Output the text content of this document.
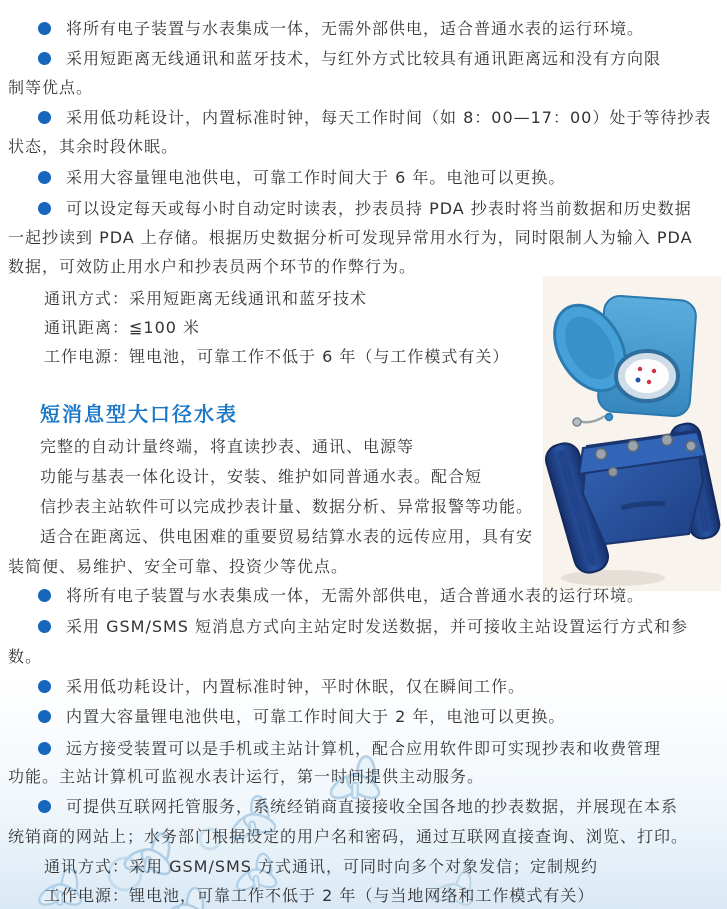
将所有电子装置与水表集成一体，无需外部供电，适合普通水表的运行环境。
采用短距离无线通讯和蓝牙技术，与红外方式比较具有通讯距离远和没有方向限
制等优点。
采用低功耗设计，内置标准时钟，每天工作时间（如 8：00—17：00）处于等待抄表
状态，其余时段休眠。
采用大容量锂电池供电，可靠工作时间大于 6 年。电池可以更换。
可以设定每天或每小时自动定时读表，抄表员持 PDA 抄表时将当前数据和历史数据
一起抄读到 PDA 上存储。根据历史数据分析可发现异常用水行为，同时限制人为输入 PDA
数据，可效防止用水户和抄表员两个环节的作弊行为。
通讯方式：采用短距离无线通讯和蓝牙技术
通讯距离：≦100 米
工作电源：锂电池，可靠工作不低于 6 年（与工作模式有关）
短消息型大口径水表
完整的自动计量终端，将直读抄表、通讯、电源等
功能与基表一体化设计，安装、维护如同普通水表。配合短
信抄表主站软件可以完成抄表计量、数据分析、异常报警等功能。
适合在距离远、供电困难的重要贸易结算水表的远传应用，具有安
装简便、易维护、安全可靠、投资少等优点。
将所有电子装置与水表集成一体，无需外部供电，适合普通水表的运行环境。
采用 GSM/SMS 短消息方式向主站定时发送数据，并可接收主站设置运行方式和参
数。
采用低功耗设计，内置标准时钟，平时休眠，仅在瞬间工作。
内置大容量锂电池供电，可靠工作时间大于 2 年，电池可以更换。
远方接受装置可以是手机或主站计算机，配合应用软件即可实现抄表和收费管理
功能。主站计算机可监视水表计运行，第一时间提供主动服务。
可提供互联网托管服务，系统经销商直接接收全国各地的抄表数据，并展现在本系
统销商的网站上；水务部门根据设定的用户名和密码，通过互联网直接查询、浏览、打印。
通讯方式：采用 GSM/SMS 方式通讯，可同时向多个对象发信；定制规约
工作电源：锂电池，可靠工作不低于 2 年（与当地网络和工作模式有关）
